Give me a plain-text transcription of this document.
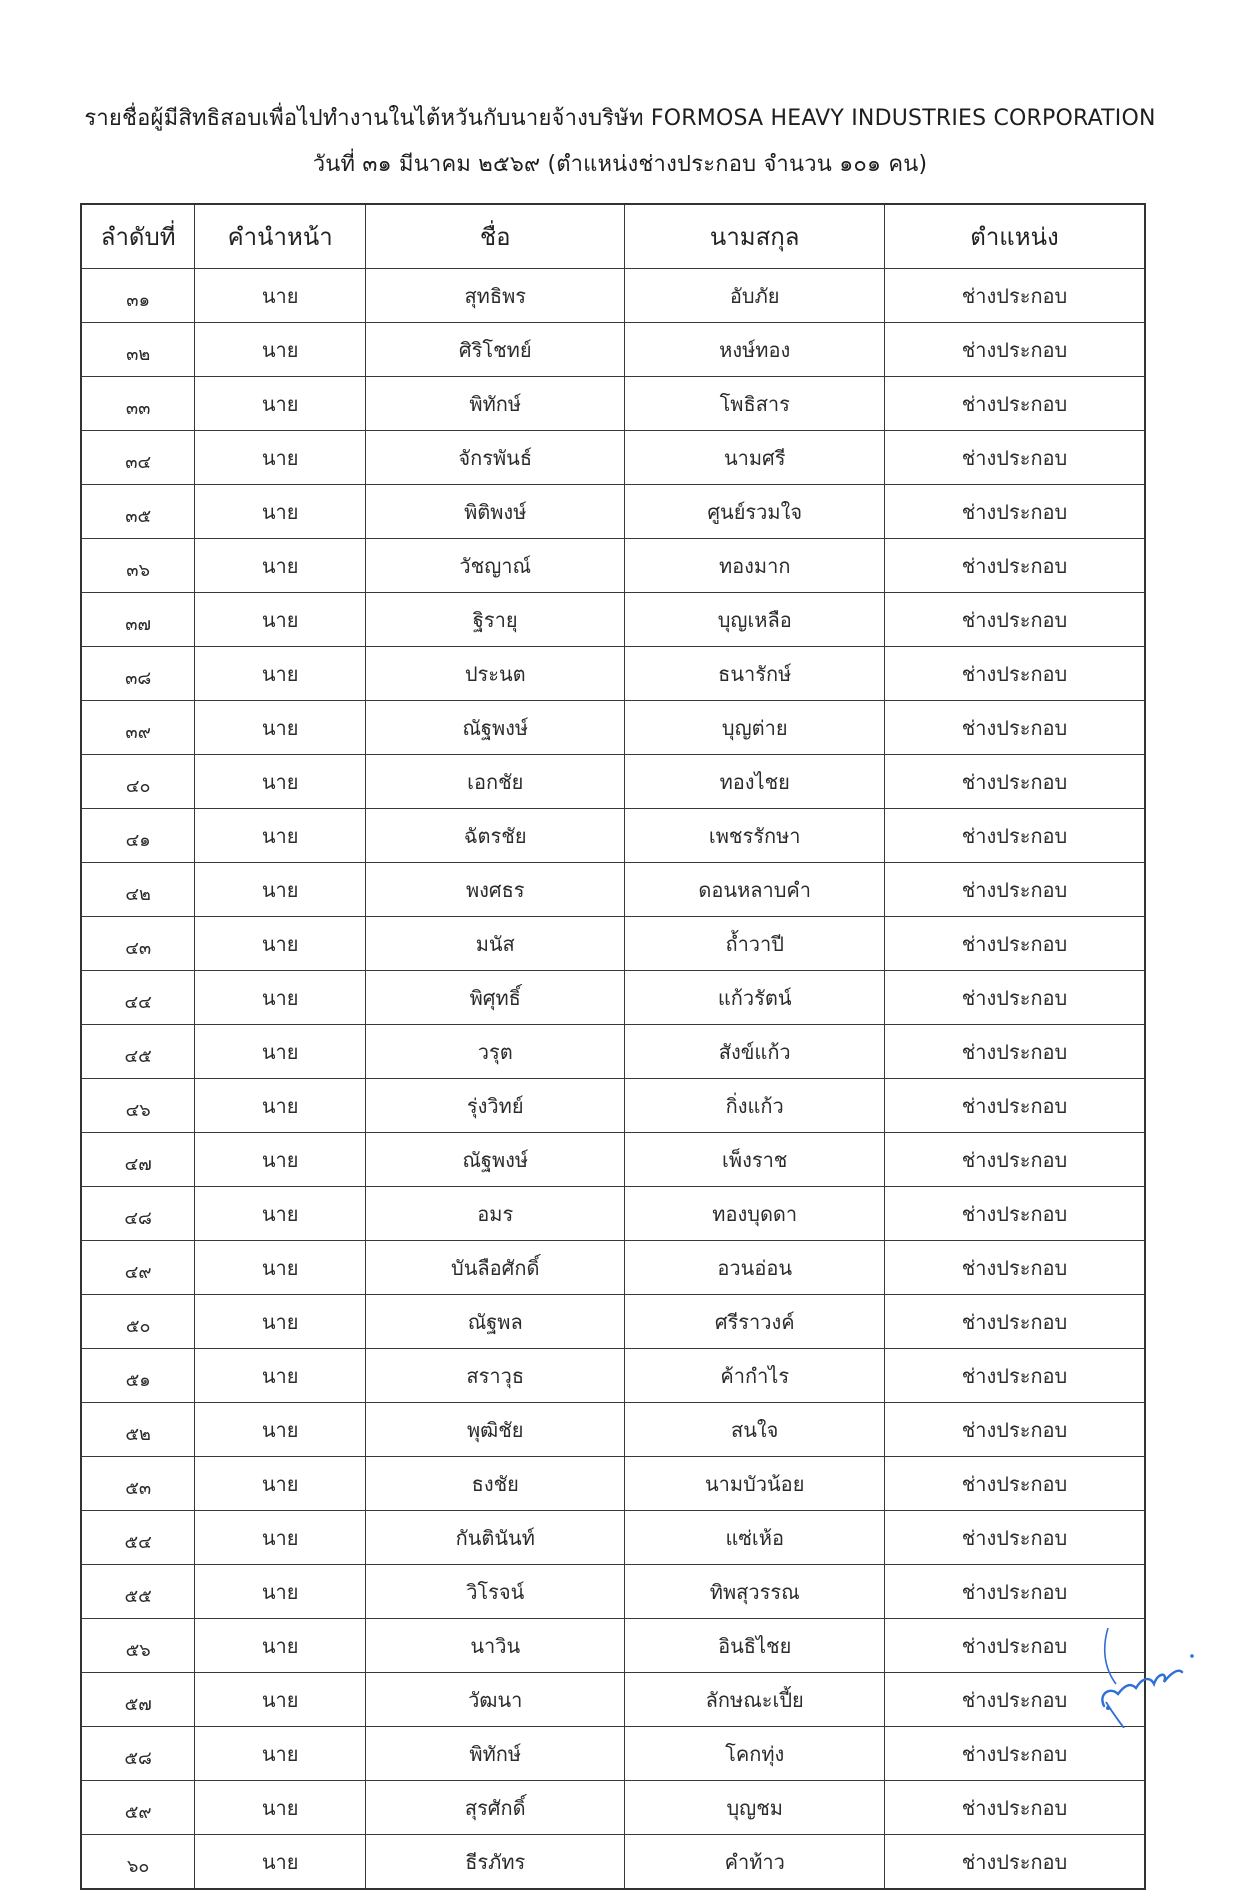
รายชื่อผู้มีสิทธิสอบเพื่อไปทำงานในไต้หวันกับนายจ้างบริษัท FORMOSA HEAVY INDUSTRIES CORPORATION
วันที่ ๓๑ มีนาคม ๒๕๖๙ (ตำแหน่งช่างประกอบ จำนวน ๑๐๑ คน)
ลำดับที่	คำนำหน้า	ชื่อ	นามสกุล	ตำแหน่ง
๓๑	นาย	สุทธิพร	อับภัย	ช่างประกอบ
๓๒	นาย	ศิริโชทย์	หงษ์ทอง	ช่างประกอบ
๓๓	นาย	พิทักษ์	โพธิสาร	ช่างประกอบ
๓๔	นาย	จักรพันธ์	นามศรี	ช่างประกอบ
๓๕	นาย	พิติพงษ์	ศูนย์รวมใจ	ช่างประกอบ
๓๖	นาย	วัชญาณ์	ทองมาก	ช่างประกอบ
๓๗	นาย	ฐิรายุ	บุญเหลือ	ช่างประกอบ
๓๘	นาย	ประนต	ธนารักษ์	ช่างประกอบ
๓๙	นาย	ณัฐพงษ์	บุญต่าย	ช่างประกอบ
๔๐	นาย	เอกชัย	ทองไชย	ช่างประกอบ
๔๑	นาย	ฉัตรชัย	เพชรรักษา	ช่างประกอบ
๔๒	นาย	พงศธร	ดอนหลาบคำ	ช่างประกอบ
๔๓	นาย	มนัส	ถ้ำวาปี	ช่างประกอบ
๔๔	นาย	พิศุทธิ์	แก้วรัตน์	ช่างประกอบ
๔๕	นาย	วรุต	สังข์แก้ว	ช่างประกอบ
๔๖	นาย	รุ่งวิทย์	กิ่งแก้ว	ช่างประกอบ
๔๗	นาย	ณัฐพงษ์	เพ็งราช	ช่างประกอบ
๔๘	นาย	อมร	ทองบุดดา	ช่างประกอบ
๔๙	นาย	บันลือศักดิ์	อวนอ่อน	ช่างประกอบ
๕๐	นาย	ณัฐพล	ศรีราวงค์	ช่างประกอบ
๕๑	นาย	สราวุธ	ค้ากำไร	ช่างประกอบ
๕๒	นาย	พุฒิชัย	สนใจ	ช่างประกอบ
๕๓	นาย	ธงชัย	นามบัวน้อย	ช่างประกอบ
๕๔	นาย	กันตินันท์	แซ่เห้อ	ช่างประกอบ
๕๕	นาย	วิโรจน์	ทิพสุวรรณ	ช่างประกอบ
๕๖	นาย	นาวิน	อินธิไชย	ช่างประกอบ
๕๗	นาย	วัฒนา	ลักษณะเปี้ย	ช่างประกอบ
๕๘	นาย	พิทักษ์	โคกทุ่ง	ช่างประกอบ
๕๙	นาย	สุรศักดิ์	บุญชม	ช่างประกอบ
๖๐	นาย	ธีรภัทร	คำท้าว	ช่างประกอบ
